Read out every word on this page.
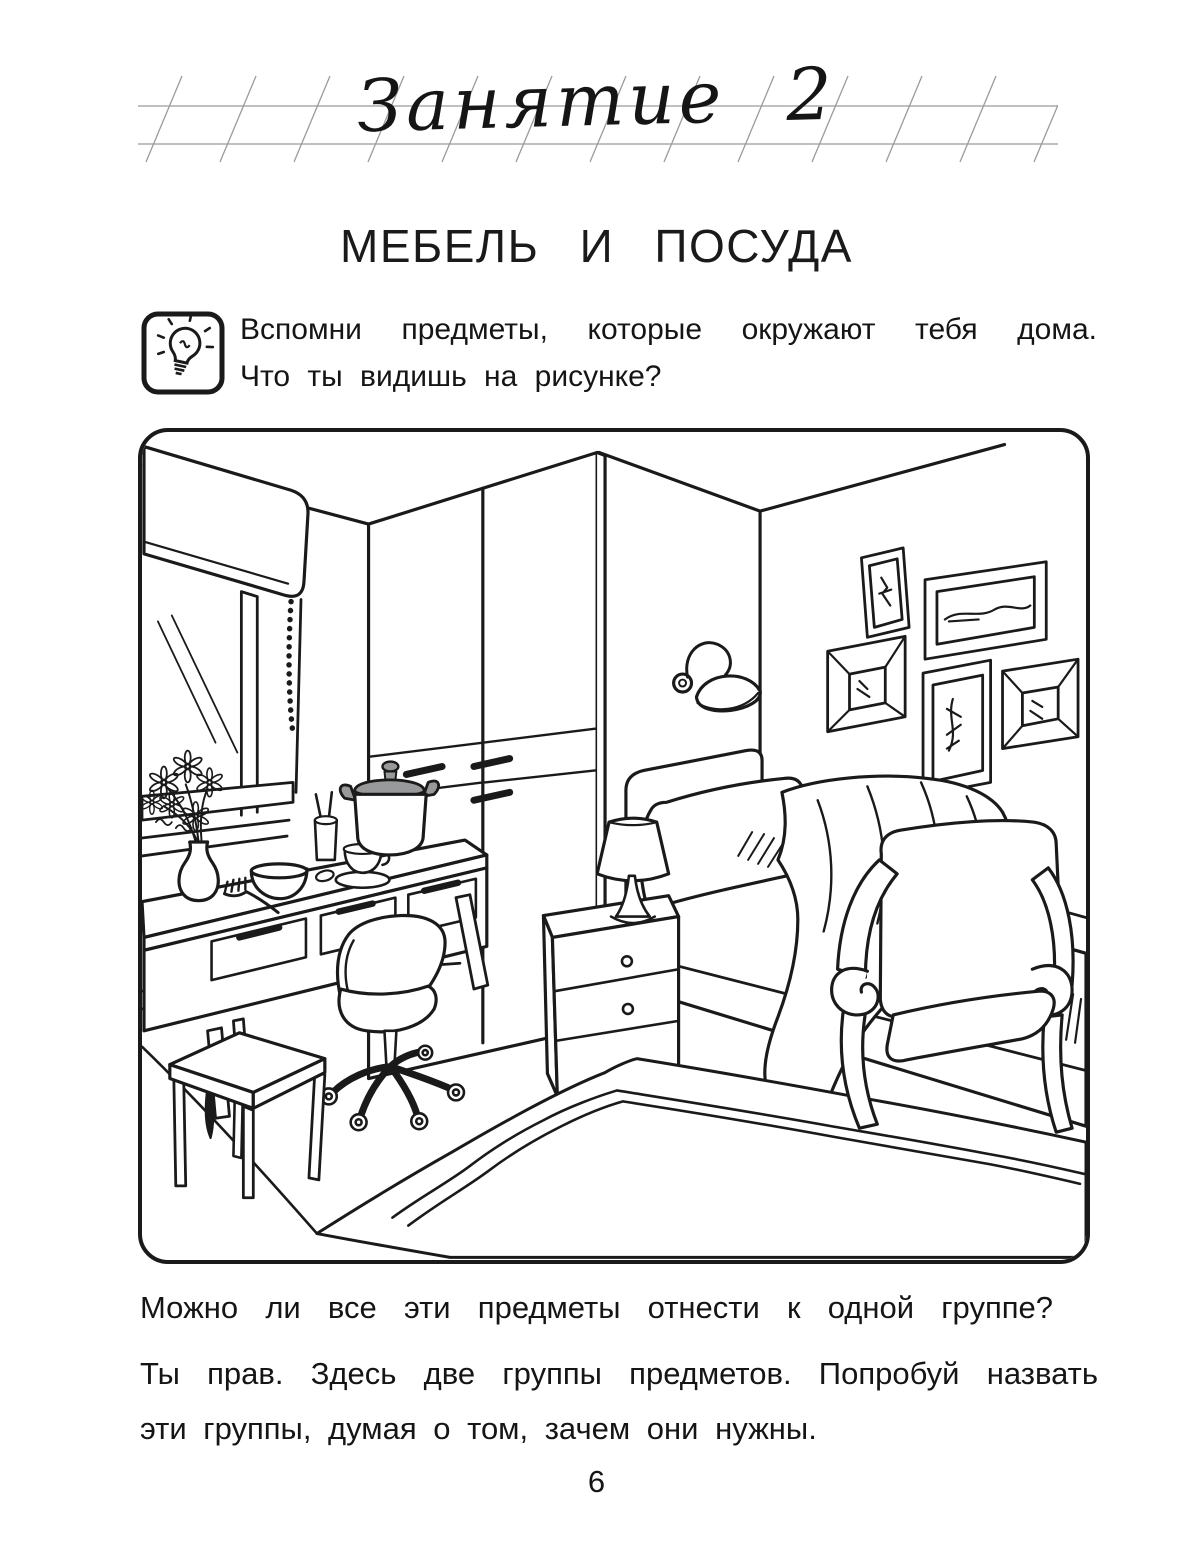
Занятие 2
МЕБЕЛЬ И ПОСУДА
Вспомни предметы, которые окружают тебя дома.
Что ты видишь на рисунке?
Можно ли все эти предметы отнести к одной группе?
Ты прав. Здесь две группы предметов. Попробуй назвать
эти группы, думая о том, зачем они нужны.
6
